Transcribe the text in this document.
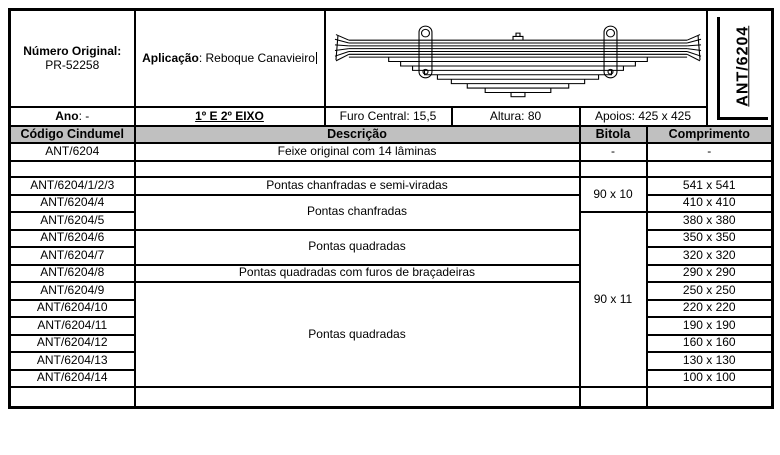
Número Original:
PR-52258	Aplicação: Reboque Canavieiro					ANT/6204

Ano: -	1º E 2º EIXO	Furo Central: 15,5	Altura: 80	Apoios: 425 x 425		
Código Cindumel	Descrição			Bitola	Comprimento	
ANT/6204	Feixe original com 14 lâminas			-	-	

ANT/6204/1/2/3	Pontas chanfradas e semi-viradas			90 x 10	541 x 541	
ANT/6204/4	Pontas chanfradas				410 x 410	
ANT/6204/5				90 x 11	380 x 380	
ANT/6204/6	Pontas quadradas				350 x 350	
ANT/6204/7					320 x 320	
ANT/6204/8	Pontas quadradas com furos de braçadeiras				290 x 290	
ANT/6204/9	Pontas quadradas				250 x 250	
ANT/6204/10					220 x 220	
ANT/6204/11					190 x 190	
ANT/6204/12					160 x 160	
ANT/6204/13					130 x 130	
ANT/6204/14					100 x 100	
